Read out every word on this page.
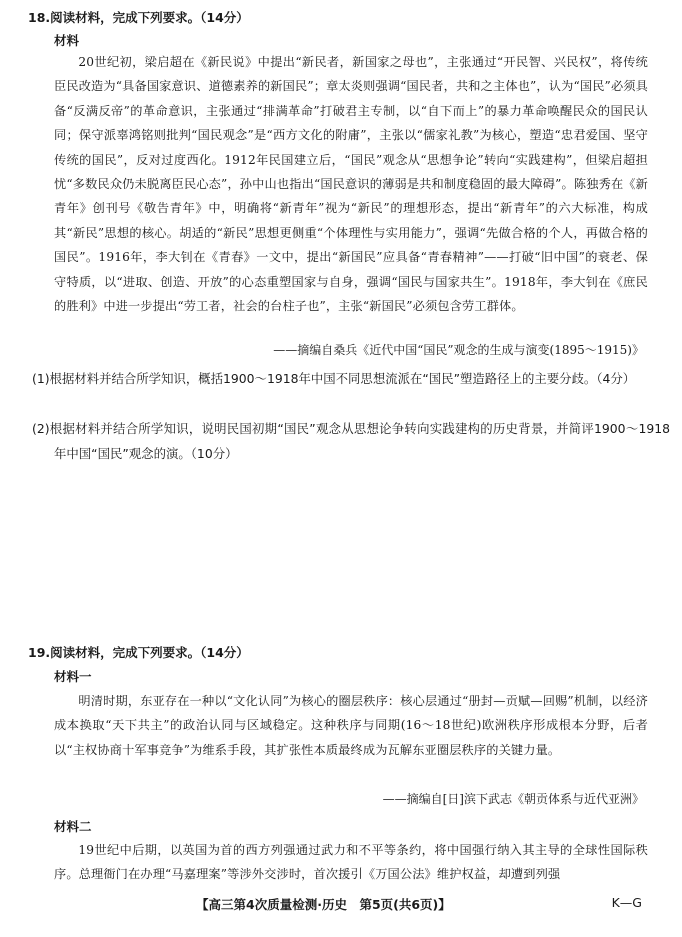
18.阅读材料，完成下列要求。（14分）
材料

20世纪初，梁启超在《新民说》中提出“新民者，新国家之母也”，主张通过“开民智、兴民权”，将传统臣民改造为“具备国家意识、道德素养的新国民”；章太炎则强调“国民者，共和之主体也”，认为“国民”必须具备“反满反帝”的革命意识，主张通过“排满革命”打破君主专制，以“自下而上”的暴力革命唤醒民众的国民认同；保守派辜鸿铭则批判“国民观念”是“西方文化的附庸”，主张以“儒家礼教”为核心，塑造“忠君爱国、坚守传统的国民”，反对过度西化。1912年民国建立后，“国民”观念从“思想争论”转向“实践建构”，但梁启超担忧“多数民众仍未脱离臣民心态”，孙中山也指出“国民意识的薄弱是共和制度稳固的最大障碍”。陈独秀在《新青年》创刊号《敬告青年》中，明确将“新青年”视为“新民”的理想形态，提出“新青年”的六大标准，构成其“新民”思想的核心。胡适的“新民”思想更侧重“个体理性与实用能力”，强调“先做合格的个人，再做合格的国民”。1916年，李大钊在《青春》一文中，提出“新国民”应具备“青春精神”——打破“旧中国”的衰老、保守特质，以“进取、创造、开放”的心态重塑国家与自身，强调“国民与国家共生”。1918年，李大钊在《庶民的胜利》中进一步提出“劳工者，社会的台柱子也”，主张“新国民”必须包含劳工群体。

——摘编自桑兵《近代中国“国民”观念的生成与演变(1895～1915)》

(1)根据材料并结合所学知识，概括1900～1918年中国不同思想流派在“国民”塑造路径上的主要分歧。（4分）

(2)根据材料并结合所学知识，说明民国初期“国民”观念从思想论争转向实践建构的历史背景，并简评1900～1918年中国“国民”观念的演。（10分）

19.阅读材料，完成下列要求。（14分）
材料一

明清时期，东亚存在一种以“文化认同”为核心的圈层秩序：核心层通过“册封—贡赋—回赐”机制，以经济成本换取“天下共主”的政治认同与区域稳定。这种秩序与同期(16～18世纪)欧洲秩序形成根本分野，后者以“主权协商十军事竞争”为维系手段，其扩张性本质最终成为瓦解东亚圈层秩序的关键力量。

——摘编自[日]滨下武志《朝贡体系与近代亚洲》
材料二

19世纪中后期，以英国为首的西方列强通过武力和不平等条约，将中国强行纳入其主导的全球性国际秩序。总理衙门在办理“马嘉理案”等涉外交涉时，首次援引《万国公法》维护权益，却遭到列强

【高三第4次质量检测·历史　第5页(共6页)】	K—G
